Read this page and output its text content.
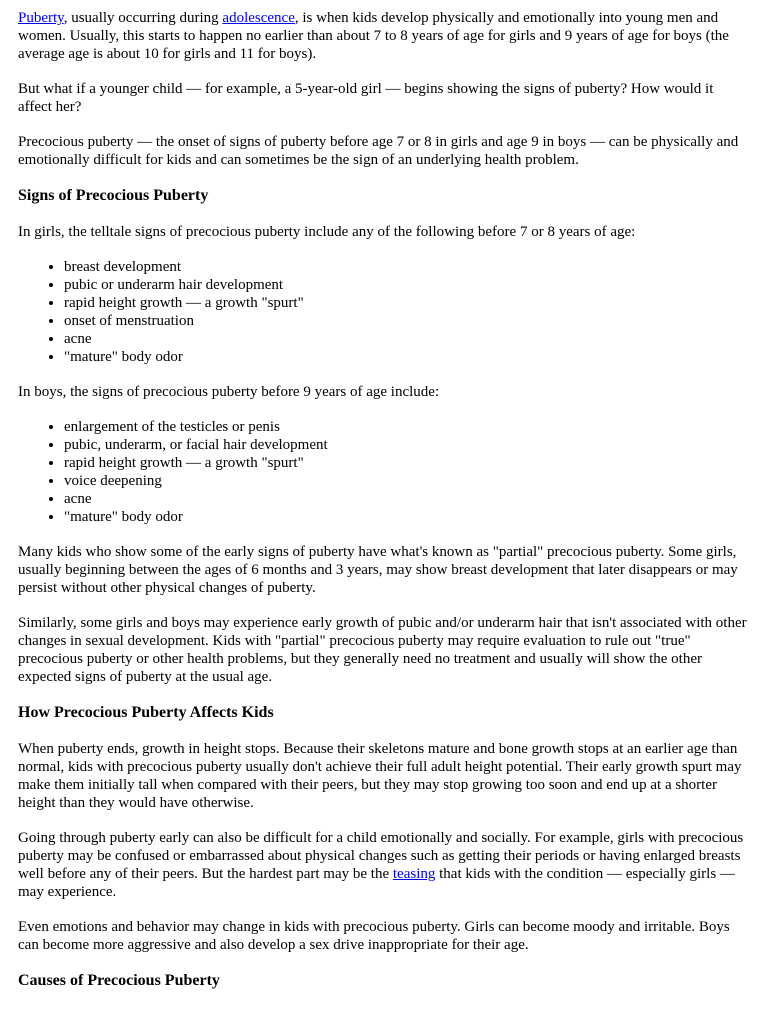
Puberty, usually occurring during adolescence, is when kids develop physically and emotionally into young men and women. Usually, this starts to happen no earlier than about 7 to 8 years of age for girls and 9 years of age for boys (the average age is about 10 for girls and 11 for boys).

But what if a younger child — for example, a 5-year-old girl — begins showing the signs of puberty? How would it affect her?

Precocious puberty — the onset of signs of puberty before age 7 or 8 in girls and age 9 in boys — can be physically and emotionally difficult for kids and can sometimes be the sign of an underlying health problem.

Signs of Precocious Puberty

In girls, the telltale signs of precocious puberty include any of the following before 7 or 8 years of age:

• breast development
• pubic or underarm hair development
• rapid height growth — a growth "spurt"
• onset of menstruation
• acne
• "mature" body odor

In boys, the signs of precocious puberty before 9 years of age include:

• enlargement of the testicles or penis
• pubic, underarm, or facial hair development
• rapid height growth — a growth "spurt"
• voice deepening
• acne
• "mature" body odor

Many kids who show some of the early signs of puberty have what's known as "partial" precocious puberty. Some girls, usually beginning between the ages of 6 months and 3 years, may show breast development that later disappears or may persist without other physical changes of puberty.

Similarly, some girls and boys may experience early growth of pubic and/or underarm hair that isn't associated with other changes in sexual development. Kids with "partial" precocious puberty may require evaluation to rule out "true" precocious puberty or other health problems, but they generally need no treatment and usually will show the other expected signs of puberty at the usual age.

How Precocious Puberty Affects Kids

When puberty ends, growth in height stops. Because their skeletons mature and bone growth stops at an earlier age than normal, kids with precocious puberty usually don't achieve their full adult height potential. Their early growth spurt may make them initially tall when compared with their peers, but they may stop growing too soon and end up at a shorter height than they would have otherwise.

Going through puberty early can also be difficult for a child emotionally and socially. For example, girls with precocious puberty may be confused or embarrassed about physical changes such as getting their periods or having enlarged breasts well before any of their peers. But the hardest part may be the teasing that kids with the condition — especially girls — may experience.

Even emotions and behavior may change in kids with precocious puberty. Girls can become moody and irritable. Boys can become more aggressive and also develop a sex drive inappropriate for their age.

Causes of Precocious Puberty
